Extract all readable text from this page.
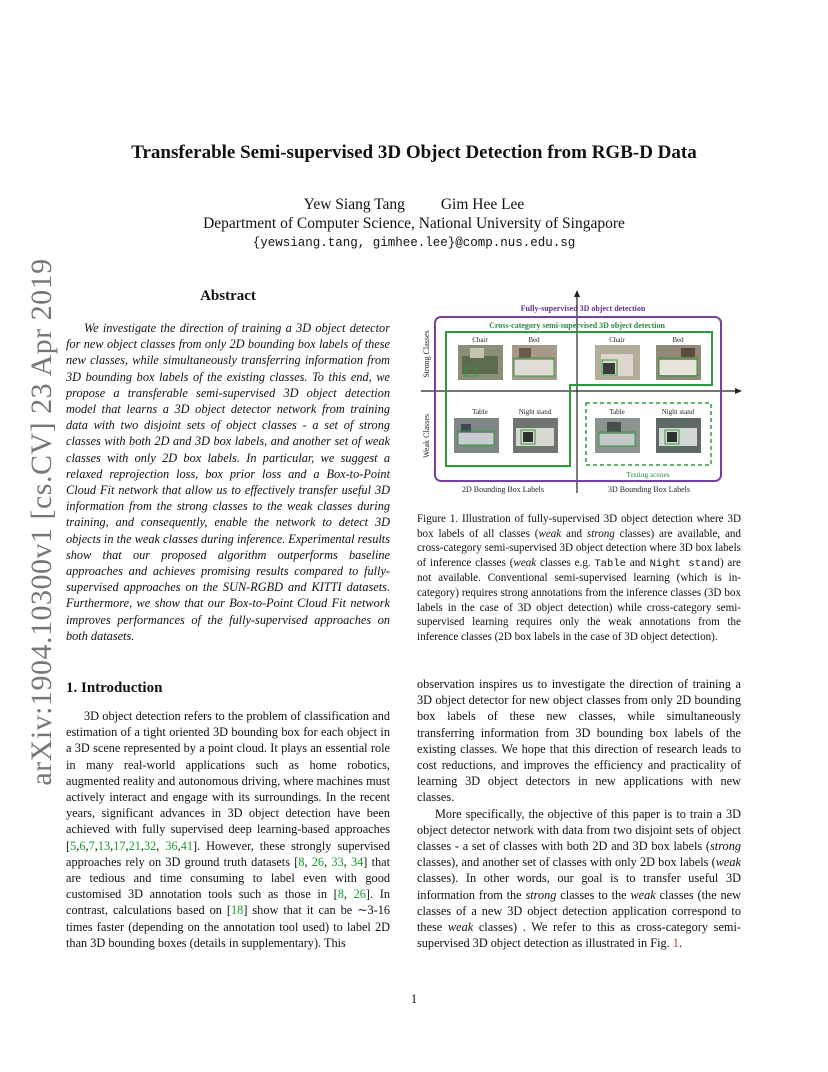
arXiv:1904.10300v1 [cs.CV] 23 Apr 2019
Transferable Semi-supervised 3D Object Detection from RGB-D Data
Yew Siang Tang Gim Hee Lee
Department of Computer Science, National University of Singapore
{yewsiang.tang, gimhee.lee}@comp.nus.edu.sg
Abstract

We investigate the direction of training a 3D object detector for new object classes from only 2D bounding box labels of these new classes, while simultaneously transferring information from 3D bounding box labels of the existing classes. To this end, we propose a transferable semi-supervised 3D object detection model that learns a 3D object detector network from training data with two disjoint sets of object classes - a set of strong classes with both 2D and 3D box labels, and another set of weak classes with only 2D box labels. In particular, we suggest a relaxed reprojection loss, box prior loss and a Box-to-Point Cloud Fit network that allow us to effectively transfer useful 3D information from the strong classes to the weak classes during training, and consequently, enable the network to detect 3D objects in the weak classes during inference. Experimental results show that our proposed algorithm outperforms baseline approaches and achieves promising results compared to fully-supervised approaches on the SUN-RGBD and KITTI datasets. Furthermore, we show that our Box-to-Point Cloud Fit network improves performances of the fully-supervised approaches on both datasets.

Fully-supervised 3D object detection
Cross-category semi-supervised 3D object detection
Testing scenes
Strong Classes
Weak Classes
2D Bounding Box Labels	3D Bounding Box Labels
Chair	Bed	Chair	Bed
Table	Night stand	Table	Night stand
Figure 1. Illustration of fully-supervised 3D object detection where 3D box labels of all classes (weak and strong classes) are available, and cross-category semi-supervised 3D object detection where 3D box labels of inference classes (weak classes e.g. Table and Night stand) are not available. Conventional semi-supervised learning (which is in-category) requires strong annotations from the inference classes (3D box labels in the case of 3D object detection) while cross-category semi-supervised learning requires only the weak annotations from the inference classes (2D box labels in the case of 3D object detection).
1. Introduction

3D object detection refers to the problem of classification and estimation of a tight oriented 3D bounding box for each object in a 3D scene represented by a point cloud. It plays an essential role in many real-world applications such as home robotics, augmented reality and autonomous driving, where machines must actively interact and engage with its surroundings. In the recent years, significant advances in 3D object detection have been achieved with fully supervised deep learning-based approaches [5,6,7,13,17,21,32, 36,41]. However, these strongly supervised approaches rely on 3D ground truth datasets [8, 26, 33, 34] that are tedious and time consuming to label even with good customised 3D annotation tools such as those in [8, 26]. In contrast, calculations based on [18] show that it can be ∼3-16 times faster (depending on the annotation tool used) to label 2D than 3D bounding boxes (details in supplementary). This

observation inspires us to investigate the direction of training a 3D object detector for new object classes from only 2D bounding box labels of these new classes, while simultaneously transferring information from 3D bounding box labels of the existing classes. We hope that this direction of research leads to cost reductions, and improves the efficiency and practicality of learning 3D object detectors in new applications with new classes.

More specifically, the objective of this paper is to train a 3D object detector network with data from two disjoint sets of object classes - a set of classes with both 2D and 3D box labels (strong classes), and another set of classes with only 2D box labels (weak classes). In other words, our goal is to transfer useful 3D information from the strong classes to the weak classes (the new classes of a new 3D object detection application correspond to these weak classes) . We refer to this as cross-category semi-supervised 3D object detection as illustrated in Fig. 1.

1
